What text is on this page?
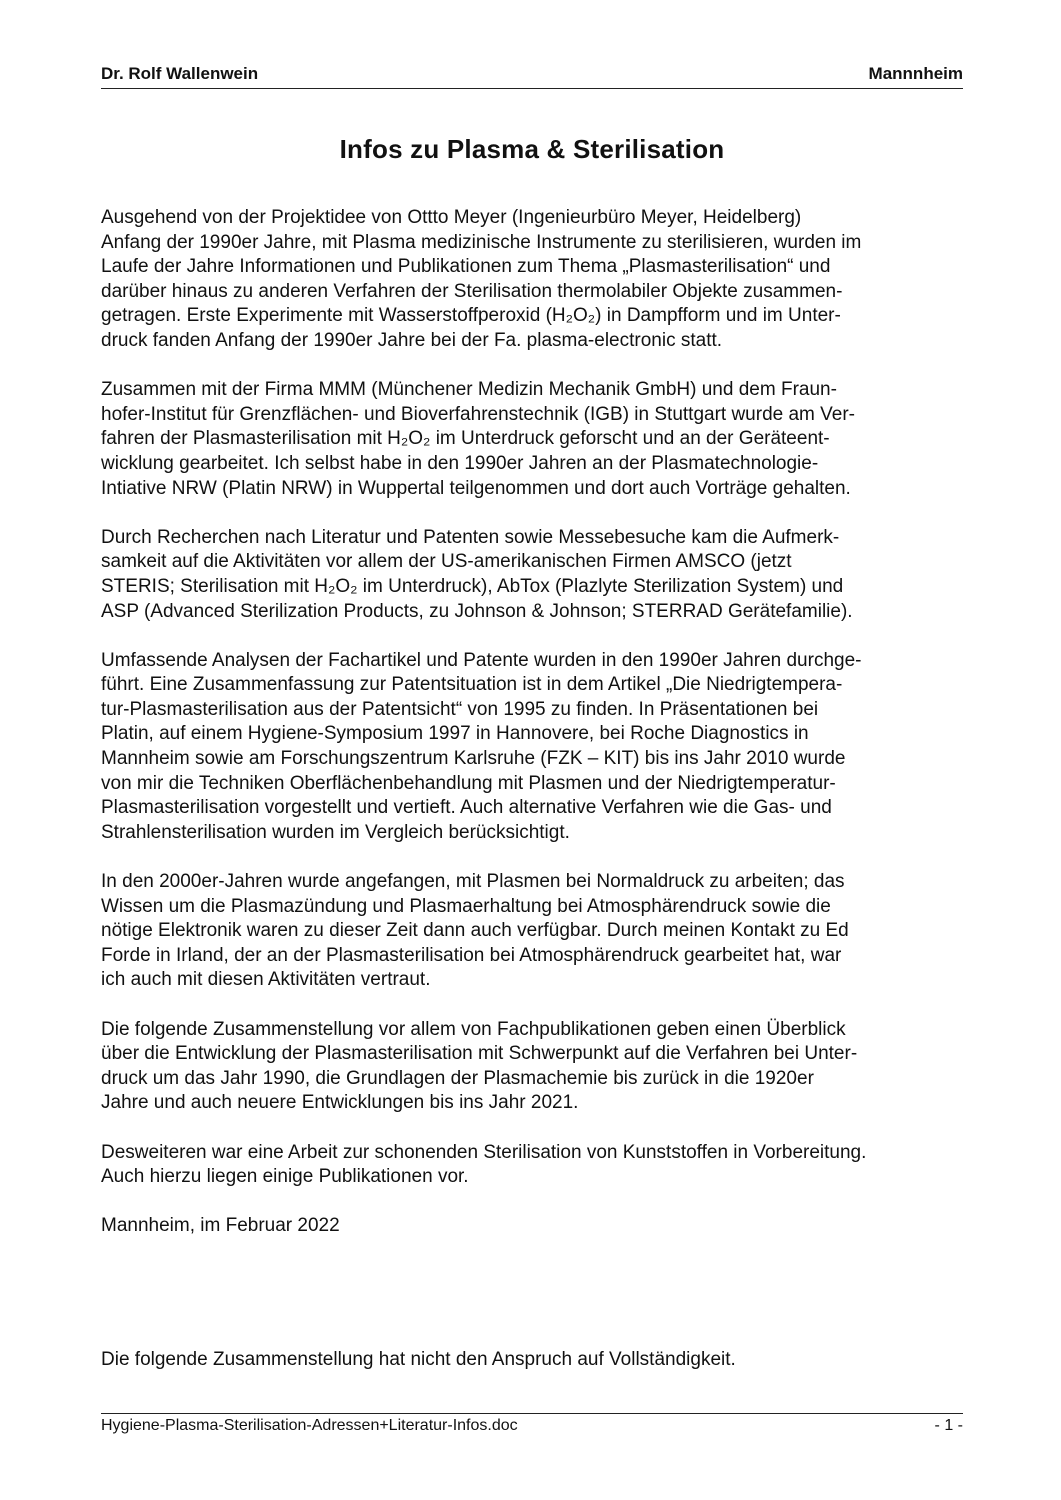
Dr. Rolf Wallenwein	Mannnheim
Infos zu Plasma & Sterilisation
Ausgehend von der Projektidee von Ottto Meyer (Ingenieurbüro Meyer, Heidelberg)
Anfang der 1990er Jahre, mit Plasma medizinische Instrumente zu sterilisieren, wurden im
Laufe der Jahre Informationen und Publikationen zum Thema „Plasmasterilisation“ und
darüber hinaus zu anderen Verfahren der Sterilisation thermolabiler Objekte zusammen-
getragen. Erste Experimente mit Wasserstoffperoxid (H₂O₂) in Dampfform und im Unter-
druck fanden Anfang der 1990er Jahre bei der Fa. plasma-electronic statt.
Zusammen mit der Firma MMM (Münchener Medizin Mechanik GmbH) und dem Fraun-
hofer-Institut für Grenzflächen- und Bioverfahrenstechnik (IGB) in Stuttgart wurde am Ver-
fahren der Plasmasterilisation mit H₂O₂ im Unterdruck geforscht und an der Geräteent-
wicklung gearbeitet. Ich selbst habe in den 1990er Jahren an der Plasmatechnologie-
Intiative NRW (Platin NRW) in Wuppertal teilgenommen und dort auch Vorträge gehalten.
Durch Recherchen nach Literatur und Patenten sowie Messebesuche kam die Aufmerk-
samkeit auf die Aktivitäten vor allem der US-amerikanischen Firmen AMSCO (jetzt
STERIS; Sterilisation mit H₂O₂ im Unterdruck), AbTox (Plazlyte Sterilization System) und
ASP (Advanced Sterilization Products, zu Johnson & Johnson; STERRAD Gerätefamilie).
Umfassende Analysen der Fachartikel und Patente wurden in den 1990er Jahren durchge-
führt. Eine Zusammenfassung zur Patentsituation ist in dem Artikel „Die Niedrigtempera-
tur-Plasmasterilisation aus der Patentsicht“ von 1995 zu finden. In Präsentationen bei
Platin, auf einem Hygiene-Symposium 1997 in Hannovere, bei Roche Diagnostics in
Mannheim sowie am Forschungszentrum Karlsruhe (FZK – KIT) bis ins Jahr 2010 wurde
von mir die Techniken Oberflächenbehandlung mit Plasmen und der Niedrigtemperatur-
Plasmasterilisation vorgestellt und vertieft. Auch alternative Verfahren wie die Gas- und
Strahlensterilisation wurden im Vergleich berücksichtigt.
In den 2000er-Jahren wurde angefangen, mit Plasmen bei Normaldruck zu arbeiten; das
Wissen um die Plasmazündung und Plasmaerhaltung bei Atmosphärendruck sowie die
nötige Elektronik waren zu dieser Zeit dann auch verfügbar. Durch meinen Kontakt zu Ed
Forde in Irland, der an der Plasmasterilisation bei Atmosphärendruck gearbeitet hat, war
ich auch mit diesen Aktivitäten vertraut.
Die folgende Zusammenstellung vor allem von Fachpublikationen geben einen Überblick
über die Entwicklung der Plasmasterilisation mit Schwerpunkt auf die Verfahren bei Unter-
druck um das Jahr 1990, die Grundlagen der Plasmachemie bis zurück in die 1920er
Jahre und auch neuere Entwicklungen bis ins Jahr 2021.
Desweiteren war eine Arbeit zur schonenden Sterilisation von Kunststoffen in Vorbereitung.
Auch hierzu liegen einige Publikationen vor.
Mannheim, im Februar 2022
Die folgende Zusammenstellung hat nicht den Anspruch auf Vollständigkeit.
Hygiene-Plasma-Sterilisation-Adressen+Literatur-Infos.doc	- 1 -
